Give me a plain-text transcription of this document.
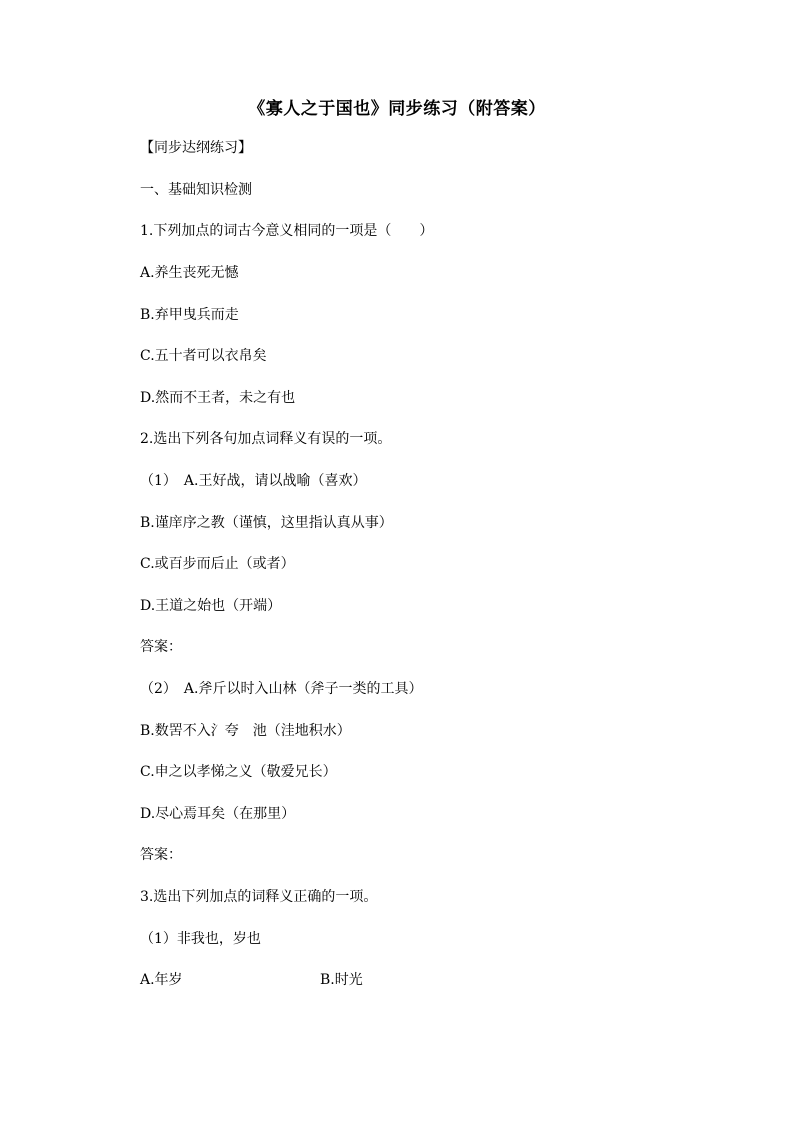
《寡人之于国也》同步练习（附答案）
【同步达纲练习】
一、基础知识检测
1.下列加点的词古今意义相同的一项是（　　）
A.养生丧死无憾
B.弃甲曳兵而走
C.五十者可以衣帛矣
D.然而不王者，未之有也
2.选出下列各句加点词释义有误的一项。
（1）　A.王好战，请以战喻（喜欢）
B.谨庠序之教（谨慎，这里指认真从事）
C.或百步而后止（或者）
D.王道之始也（开端）
答案：
（2）　A.斧斤以时入山林（斧子一类的工具）
B.数罟不入氵夸　池（洼地积水）
C.申之以孝悌之义（敬爱兄长）
D.尽心焉耳矣（在那里）
答案：
3.选出下列加点的词释义正确的一项。
（1）非我也，岁也
A.年岁	B.时光
